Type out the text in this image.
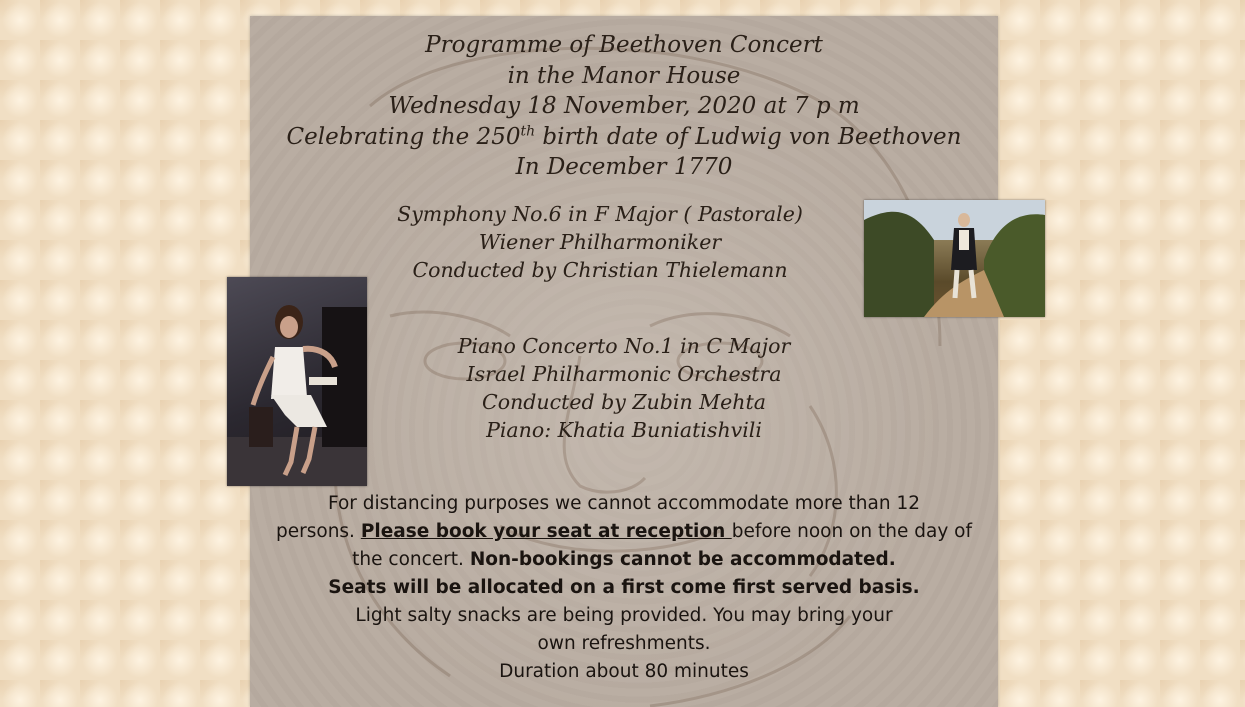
Programme of Beethoven Concert
in the Manor House
Wednesday 18 November, 2020 at 7 p m
Celebrating the 250th birth date of Ludwig von Beethoven
In December 1770
Symphony No.6 in F Major ( Pastorale)
Wiener Philharmoniker
Conducted by Christian Thielemann
Piano Concerto No.1 in C Major
Israel Philharmonic Orchestra
Conducted by Zubin Mehta
Piano: Khatia Buniatishvili
For distancing purposes we cannot accommodate more than 12
persons. Please book your seat at reception before noon on the day of
the concert. Non-bookings cannot be accommodated.
Seats will be allocated on a first come first served basis.
Light salty snacks are being provided. You may bring your
own refreshments.
Duration about 80 minutes
